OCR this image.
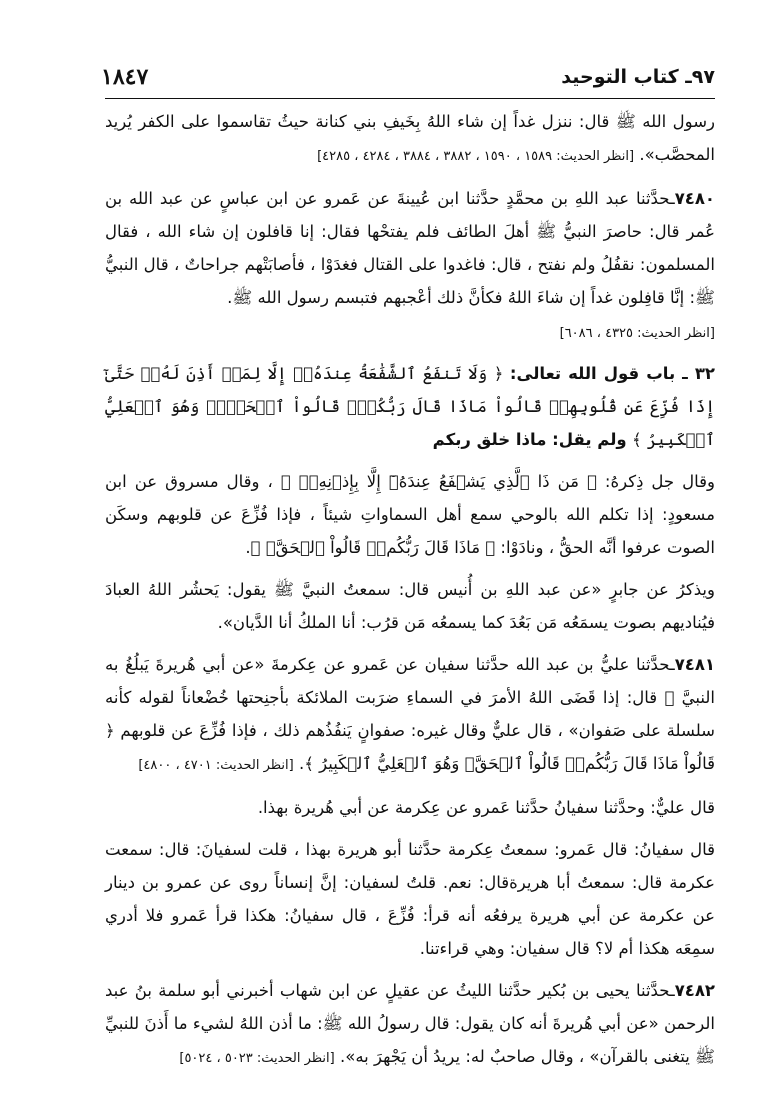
١٨٤٧	٩٧ـ كتاب التوحيد

رسول الله ﷺ قال: ننزل غداً إن شاء اللهُ بِخَيفِ بني كنانة حيثُ تقاسموا على الكفر يُريد المحصَّب». [انظر الحديث: ١٥٨٩ ، ١٥٩٠ ، ٣٨٨٢ ، ٣٨٨٤ ، ٤٢٨٤ ، ٤٢٨٥]

٧٤٨٠ـحدَّثنا عبد اللهِ بن محمَّدٍ حدَّثنا ابن عُيينةَ عن عَمرو عن ابن عباسٍ عن عبد الله بن عُمر قال: حاصرَ النبيُّ ﷺ أهلَ الطائف فلم يفتحْها فقال: إنا قافلون إن شاء الله ، فقال المسلمون: نقفُلُ ولم نفتح ، قال: فاغدوا على القتال فغدَوْا ، فأصابَتْهم جراحاتٌ ، قال النبيُّ ﷺ: إنَّا قافِلون غداً إن شاءَ اللهُ فكأنَّ ذلك أعْجبهم فتبسم رسول الله ﷺ.

[انظر الحديث: ٤٣٢٥ ، ٦٠٨٦]

٣٢ ـ باب قول الله تعالى: ﴿ وَلَا تَنفَعُ ٱلشَّفَٰعَةُ عِندَهُۥٓ إِلَّا لِمَنۡ أَذِنَ لَهُۥۚ حَتَّىٰٓ إِذَا فُزِّعَ عَن قُلُوبِهِمۡ قَالُواْ مَاذَا قَالَ رَبُّكُمۡۖ قَالُواْ ٱلۡحَقَّۖ وَهُوَ ٱلۡعَلِيُّ ٱلۡكَبِيرُ ﴾ ولم يقل: ماذا خلق ربكم

وقال جل ذِكرهُ: ﴿ مَن ذَا ٱلَّذِي يَشۡفَعُ عِندَهُۥٓ إِلَّا بِإِذۡنِهِۦۚ ﴾ ، وقال مسروق عن ابن مسعودٍ: إذا تكلم الله بالوحي سمع أهل السماواتِ شيئاً ، فإذا فُزِّعَ عن قلوبهم وسكَن الصوت عرفوا أنَّه الحقُّ ، ونادَوْا: ﴿ مَاذَا قَالَ رَبُّكُمۡۖ قَالُواْ ٱلۡحَقَّۖ ﴾.

ويذكرُ عن جابرٍ «عن عبد اللهِ بن أُنيس قال: سمعتُ النبيَّ ﷺ يقول: يَحشُر اللهُ العبادَ فيُناديهم بصوت يسمَعُه مَن بَعُدَ كما يسمعُه مَن قرُب: أنا الملكُ أنا الدَّيان».

٧٤٨١ـحدَّثنا عليُّ بن عبد الله حدَّثنا سفيان عن عَمرو عن عِكرمةَ «عن أبي هُريرةَ يَبلُغُ به النبيَّ ﷺ قال: إذا قَضَى اللهُ الأمرَ في السماءِ ضرَبت الملائكة بأجنِحتها خُضْعاناً لقوله كأنه سلسلة على صَفوان» ، قال عليٌّ وقال غيره: صفوانٍ يَنفُذُهم ذلك ، فإذا فُزِّعَ عن قلوبهم ﴿ قَالُواْ مَاذَا قَالَ رَبُّكُمۡۖ قَالُواْ ٱلۡحَقَّۖ وَهُوَ ٱلۡعَلِيُّ ٱلۡكَبِيرُ ﴾. [انظر الحديث: ٤٧٠١ ، ٤٨٠٠]

قال عليٌّ: وحدَّثنا سفيانُ حدَّثنا عَمرو عن عِكرمة عن أبي هُريرة بهذا.

قال سفيانُ: قال عَمرو: سمعتُ عِكرمة حدَّثنا أبو هريرة بهذا ، قلت لسفيانَ: قال: سمعت عكرمة قال: سمعتُ أبا هريرةقال: نعم. قلتُ لسفيان: إنَّ إنساناً روى عن عمرو بن دينار عن عكرمة عن أبي هريرة يرفعُه أنه قرأ: فُزِّعَ ، قال سفيانُ: هكذا قرأ عَمرو فلا أدري سمِعَه هكذا أم لا؟ قال سفيان: وهي قراءتنا.

٧٤٨٢ـحدَّثنا يحيى بن بُكير حدَّثنا الليثُ عن عقيلٍ عن ابن شهاب أخبرني أبو سلمة بنُ عبد الرحمن «عن أبي هُريرةَ أنه كان يقول: قال رسولُ الله ﷺ: ما أذن اللهُ لشيء ما أَذنَ للنبيِّ ﷺ يتغنى بالقرآن» ، وقال صاحبٌ له: يريدُ أن يَجْهرَ به». [انظر الحديث: ٥٠٢٣ ، ٥٠٢٤]
